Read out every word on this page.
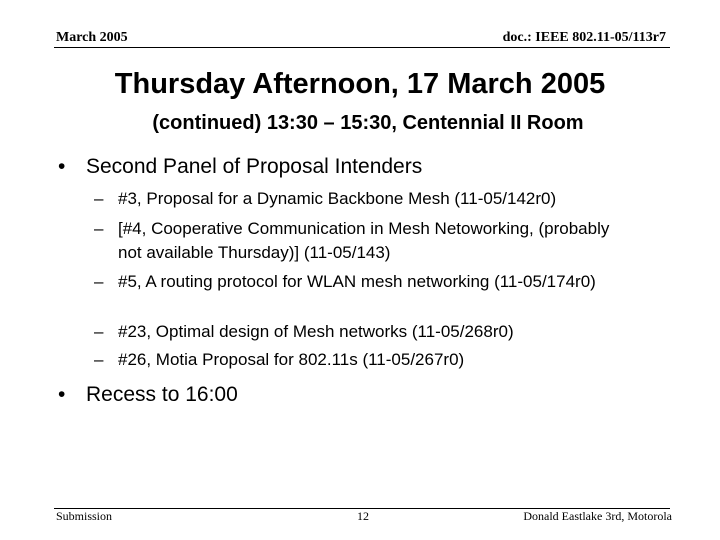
March 2005	doc.: IEEE 802.11-05/113r7
Thursday Afternoon, 17 March 2005
(continued) 13:30 – 15:30, Centennial II Room
• Second Panel of Proposal Intenders
– #3, Proposal for a Dynamic Backbone Mesh (11-05/142r0)
– [#4, Cooperative Communication in Mesh Netoworking, (probably not available Thursday)] (11-05/143)
– #5, A routing protocol for WLAN mesh networking (11-05/174r0)
– #23, Optimal design of Mesh networks (11-05/268r0)
– #26, Motia Proposal for 802.11s (11-05/267r0)
• Recess to 16:00
Submission	12	Donald Eastlake 3rd, Motorola
